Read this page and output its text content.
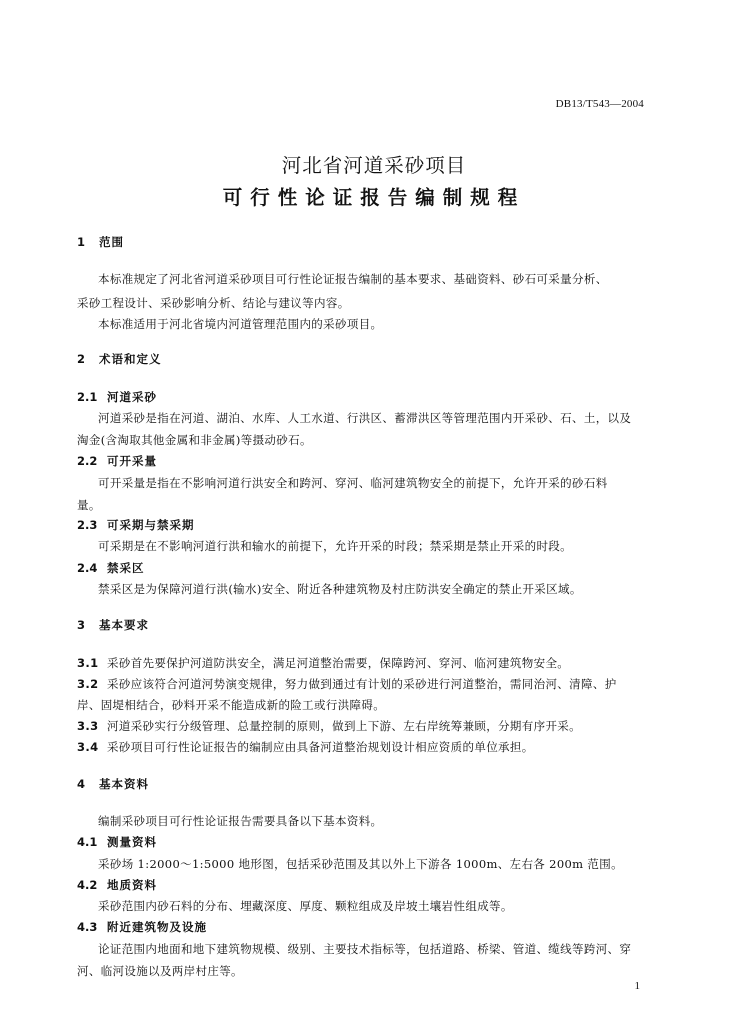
DB13/T543—2004
河北省河道采砂项目
可行性论证报告编制规程
1 范围
本标准规定了河北省河道采砂项目可行性论证报告编制的基本要求、基础资料、砂石可采量分析、
采砂工程设计、采砂影响分析、结论与建议等内容。
本标准适用于河北省境内河道管理范围内的采砂项目。
2 术语和定义
2.1 河道采砂
河道采砂是指在河道、湖泊、水库、人工水道、行洪区、蓄滞洪区等管理范围内开采砂、石、土，以及
淘金(含淘取其他金属和非金属)等摄动砂石。
2.2 可开采量
可开采量是指在不影响河道行洪安全和跨河、穿河、临河建筑物安全的前提下，允许开采的砂石料
量。
2.3 可采期与禁采期
可采期是在不影响河道行洪和输水的前提下，允许开采的时段；禁采期是禁止开采的时段。
2.4 禁采区
禁采区是为保障河道行洪(输水)安全、附近各种建筑物及村庄防洪安全确定的禁止开采区域。
3 基本要求
3.1 采砂首先要保护河道防洪安全，满足河道整治需要，保障跨河、穿河、临河建筑物安全。
3.2 采砂应该符合河道河势演变规律，努力做到通过有计划的采砂进行河道整治，需同治河、清障、护
岸、固堤相结合，砂料开采不能造成新的险工或行洪障碍。
3.3 河道采砂实行分级管理、总量控制的原则，做到上下游、左右岸统筹兼顾，分期有序开采。
3.4 采砂项目可行性论证报告的编制应由具备河道整治规划设计相应资质的单位承担。
4 基本资料
编制采砂项目可行性论证报告需要具备以下基本资料。
4.1 测量资料
采砂场 1:2000～1:5000 地形图，包括采砂范围及其以外上下游各 1000m、左右各 200m 范围。
4.2 地质资料
采砂范围内砂石料的分布、埋藏深度、厚度、颗粒组成及岸坡土壤岩性组成等。
4.3 附近建筑物及设施
论证范围内地面和地下建筑物规模、级别、主要技术指标等，包括道路、桥梁、管道、缆线等跨河、穿
河、临河设施以及两岸村庄等。
1
